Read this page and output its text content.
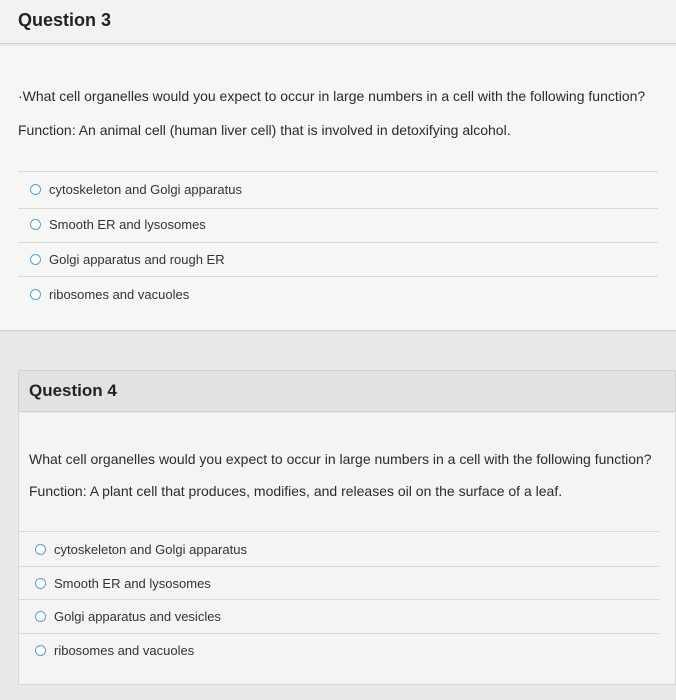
Question 3
·What cell organelles would you expect to occur in large numbers in a cell with the following function?
Function: An animal cell (human liver cell) that is involved in detoxifying alcohol.
cytoskeleton and Golgi apparatus
Smooth ER and lysosomes
Golgi apparatus and rough ER
ribosomes and vacuoles
Question 4
What cell organelles would you expect to occur in large numbers in a cell with the following function?
Function: A plant cell that produces, modifies, and releases oil on the surface of a leaf.
cytoskeleton and Golgi apparatus
Smooth ER and lysosomes
Golgi apparatus and vesicles
ribosomes and vacuoles
